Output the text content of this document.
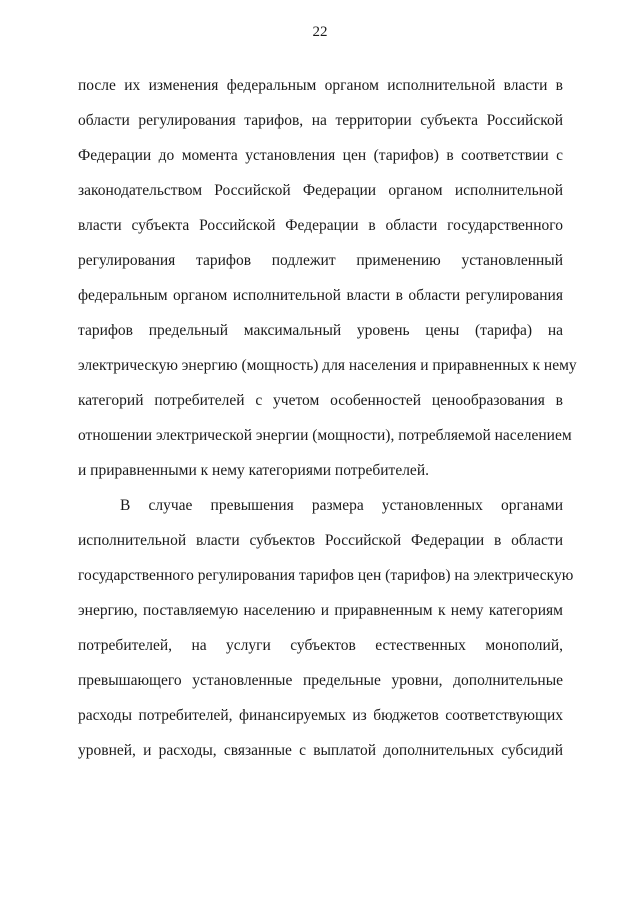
22
после их изменения федеральным органом исполнительной власти в
области регулирования тарифов, на территории субъекта Российской
Федерации до момента установления цен (тарифов) в соответствии с
законодательством Российской Федерации органом исполнительной
власти субъекта Российской Федерации в области государственного
регулирования тарифов подлежит применению установленный
федеральным органом исполнительной власти в области регулирования
тарифов предельный максимальный уровень цены (тарифа) на
электрическую энергию (мощность) для населения и приравненных к нему
категорий потребителей с учетом особенностей ценообразования в
отношении электрической энергии (мощности), потребляемой населением
и приравненными к нему категориями потребителей.
В случае превышения размера установленных органами
исполнительной власти субъектов Российской Федерации в области
государственного регулирования тарифов цен (тарифов) на электрическую
энергию, поставляемую населению и приравненным к нему категориям
потребителей, на услуги субъектов естественных монополий,
превышающего установленные предельные уровни, дополнительные
расходы потребителей, финансируемых из бюджетов соответствующих
уровней, и расходы, связанные с выплатой дополнительных субсидий
